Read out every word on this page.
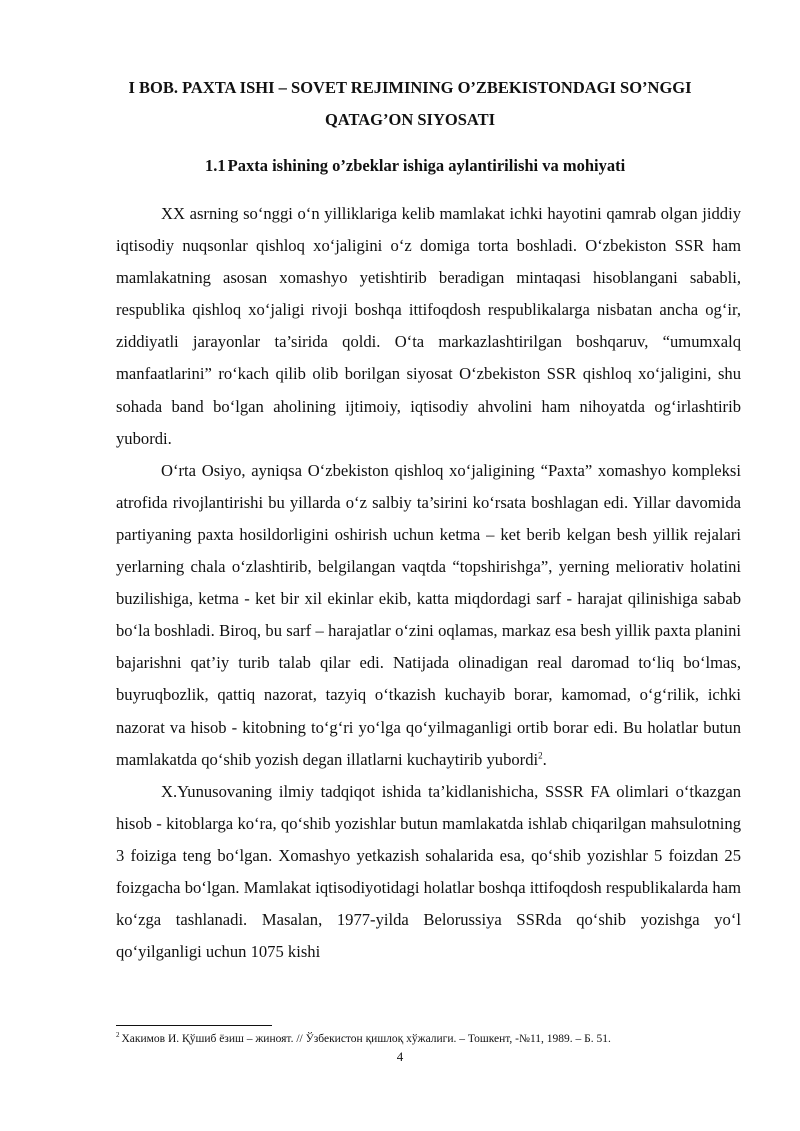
I BOB. PAXTA ISHI – SOVET REJIMINING O’ZBEKISTONDAGI SO’NGGI QATAG’ON SIYOSATI
1.1 Paxta ishining o’zbeklar ishiga aylantirilishi va mohiyati

XX asrning so‘nggi o‘n yilliklariga kelib mamlakat ichki hayotini qamrab olgan jiddiy iqtisodiy nuqsonlar qishloq xo‘jaligini o‘z domiga torta boshladi. O‘zbekiston SSR ham mamlakatning asosan xomashyo yetishtirib beradigan mintaqasi hisoblangani sababli, respublika qishloq xo‘jaligi rivoji boshqa ittifoqdosh respublikalarga nisbatan ancha og‘ir, ziddiyatli jarayonlar ta’sirida qoldi. O‘ta markazlashtirilgan boshqaruv, “umumxalq manfaatlarini” ro‘kach qilib olib borilgan siyosat O‘zbekiston SSR qishloq xo‘jaligini, shu sohada band bo‘lgan aholining ijtimoiy, iqtisodiy ahvolini ham nihoyatda og‘irlashtirib yubordi.

O‘rta Osiyo, ayniqsa O‘zbekiston qishloq xo‘jaligining “Paxta” xomashyo kompleksi atrofida rivojlantirishi bu yillarda o‘z salbiy ta’sirini ko‘rsata boshlagan edi. Yillar davomida partiyaning paxta hosildorligini oshirish uchun ketma – ket berib kelgan besh yillik rejalari yerlarning chala o‘zlashtirib, belgilangan vaqtda “topshirishga”, yerning meliorativ holatini buzilishiga, ketma - ket bir xil ekinlar ekib, katta miqdordagi sarf - harajat qilinishiga sabab bo‘la boshladi. Biroq, bu sarf – harajatlar o‘zini oqlamas, markaz esa besh yillik paxta planini bajarishni qat’iy turib talab qilar edi. Natijada olinadigan real daromad to‘liq bo‘lmas, buyruqbozlik, qattiq nazorat, tazyiq o‘tkazish kuchayib borar, kamomad, o‘g‘rilik, ichki nazorat va hisob - kitobning to‘g‘ri yo‘lga qo‘yilmaganligi ortib borar edi. Bu holatlar butun mamlakatda qo‘shib yozish degan illatlarni kuchaytirib yubordi$^2$.

X.Yunusovaning ilmiy tadqiqot ishida ta’kidlanishicha, SSSR FA olimlari o‘tkazgan hisob - kitoblarga ko‘ra, qo‘shib yozishlar butun mamlakatda ishlab chiqarilgan mahsulotning 3 foiziga teng bo‘lgan. Xomashyo yetkazish sohalarida esa, qo‘shib yozishlar 5 foizdan 25 foizgacha bo‘lgan. Mamlakat iqtisodiyotidagi holatlar boshqa ittifoqdosh respublikalarda ham ko‘zga tashlanadi. Masalan, 1977-yilda Belorussiya SSRda qo‘shib yozishga yo‘l qo‘yilganligi uchun 1075 kishi

$^2$ Хакимов И. Қўшиб ёзиш – жиноят. // Ўзбекистон қишлоқ хўжалиги. – Тошкент, -№11, 1989. – Б. 51.
4
